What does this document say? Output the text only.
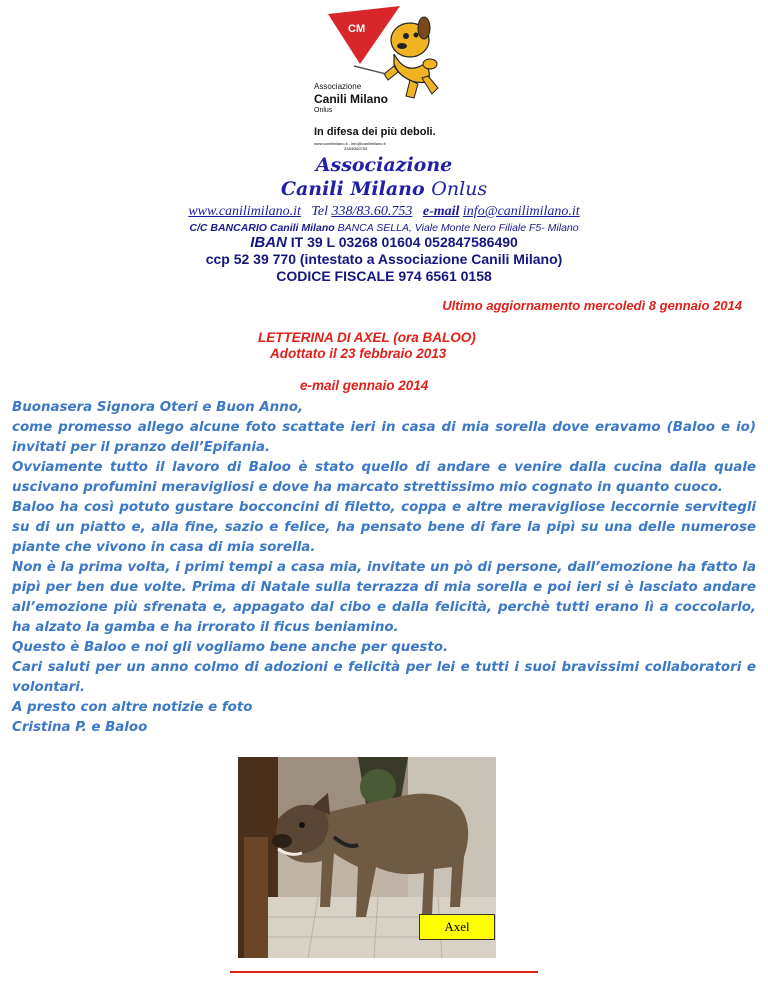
CM
Associazione
Canili Milano
Onlus
In difesa dei più deboli.
www.canilimilano.it - info@canilimilano.it
338/8360753
Associazione
Canili Milano Onlus
www.canilimilano.it Tel 338/83.60.753 e-mail info@canilimilano.it
C/C BANCARIO Canili Milano BANCA SELLA, Viale Monte Nero Filiale F5- Milano
IBAN IT 39 L 03268 01604 052847586490
ccp 52 39 770 (intestato a Associazione Canili Milano)
CODICE FISCALE 974 6561 0158
Ultimo aggiornamento mercoledì 8 gennaio 2014
LETTERINA DI AXEL (ora BALOO)
Adottato il 23 febbraio 2013
e-mail gennaio 2014

Buonasera Signora Oteri e Buon Anno,

come promesso allego alcune foto scattate ieri in casa di mia sorella dove eravamo (Baloo e io) invitati per il pranzo dell’Epifania.

Ovviamente tutto il lavoro di Baloo è stato quello di andare e venire dalla cucina dalla quale uscivano profumini meravigliosi e dove ha marcato strettissimo mio cognato in quanto cuoco.

Baloo ha così potuto gustare bocconcini di filetto, coppa e altre meravigliose leccornie servitegli su di un piatto e, alla fine, sazio e felice, ha pensato bene di fare la pipì su una delle numerose piante che vivono in casa di mia sorella.

Non è la prima volta, i primi tempi a casa mia, invitate un pò di persone, dall’emozione ha fatto la pipì per ben due volte. Prima di Natale sulla terrazza di mia sorella e poi ieri si è lasciato andare all’emozione più sfrenata e, appagato dal cibo e dalla felicità, perchè tutti erano lì a coccolarlo, ha alzato la gamba e ha irrorato il ficus beniamino.

Questo è Baloo e noi gli vogliamo bene anche per questo.

Cari saluti per un anno colmo di adozioni e felicità per lei e tutti i suoi bravissimi collaboratori e volontari.

A presto con altre notizie e foto

Cristina P. e Baloo

Axel
